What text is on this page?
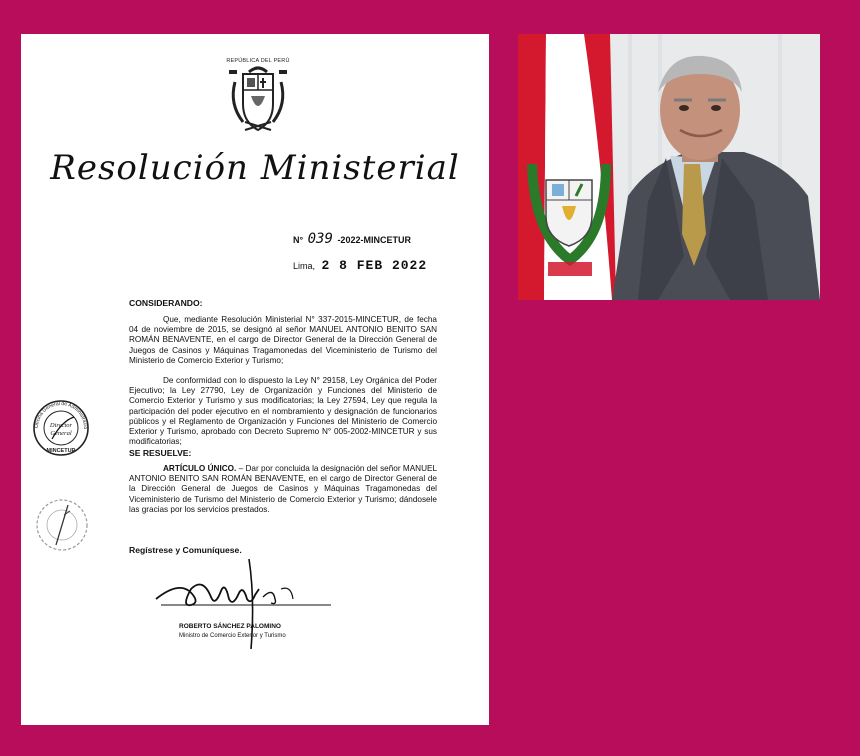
REPÚBLICA DEL PERÚ
Resolución Ministerial
N° 039 -2022-MINCETUR
Lima, 2 8 FEB 2022
CONSIDERANDO:
Que, mediante Resolución Ministerial N° 337-2015-MINCETUR, de fecha 04 de noviembre de 2015, se designó al señor MANUEL ANTONIO BENITO SAN ROMÁN BENAVENTE, en el cargo de Director General de la Dirección General de Juegos de Casinos y Máquinas Tragamonedas del Viceministerio de Turismo del Ministerio de Comercio Exterior y Turismo;
De conformidad con lo dispuesto la Ley N° 29158, Ley Orgánica del Poder Ejecutivo; la Ley 27790, Ley de Organización y Funciones del Ministerio de Comercio Exterior y Turismo y sus modificatorias; la Ley 27594, Ley que regula la participación del poder ejecutivo en el nombramiento y designación de funcionarios públicos y el Reglamento de Organización y Funciones del Ministerio de Comercio Exterior y Turismo, aprobado con Decreto Supremo N° 005-2002-MINCETUR y sus modificatorias;
SE RESUELVE:
ARTÍCULO ÚNICO. – Dar por concluida la designación del señor MANUEL ANTONIO BENITO SAN ROMÁN BENAVENTE, en el cargo de Director General de la Dirección General de Juegos de Casinos y Máquinas Tragamonedas del Viceministerio de Turismo del Ministerio de Comercio Exterior y Turismo; dándosele las gracias por los servicios prestados.
Regístrese y Comuníquese.
Oficina General de Administració
Director
General
MINCETUR
ROBERTO SÁNCHEZ PALOMINO
Ministro de Comercio Exterior y Turismo
